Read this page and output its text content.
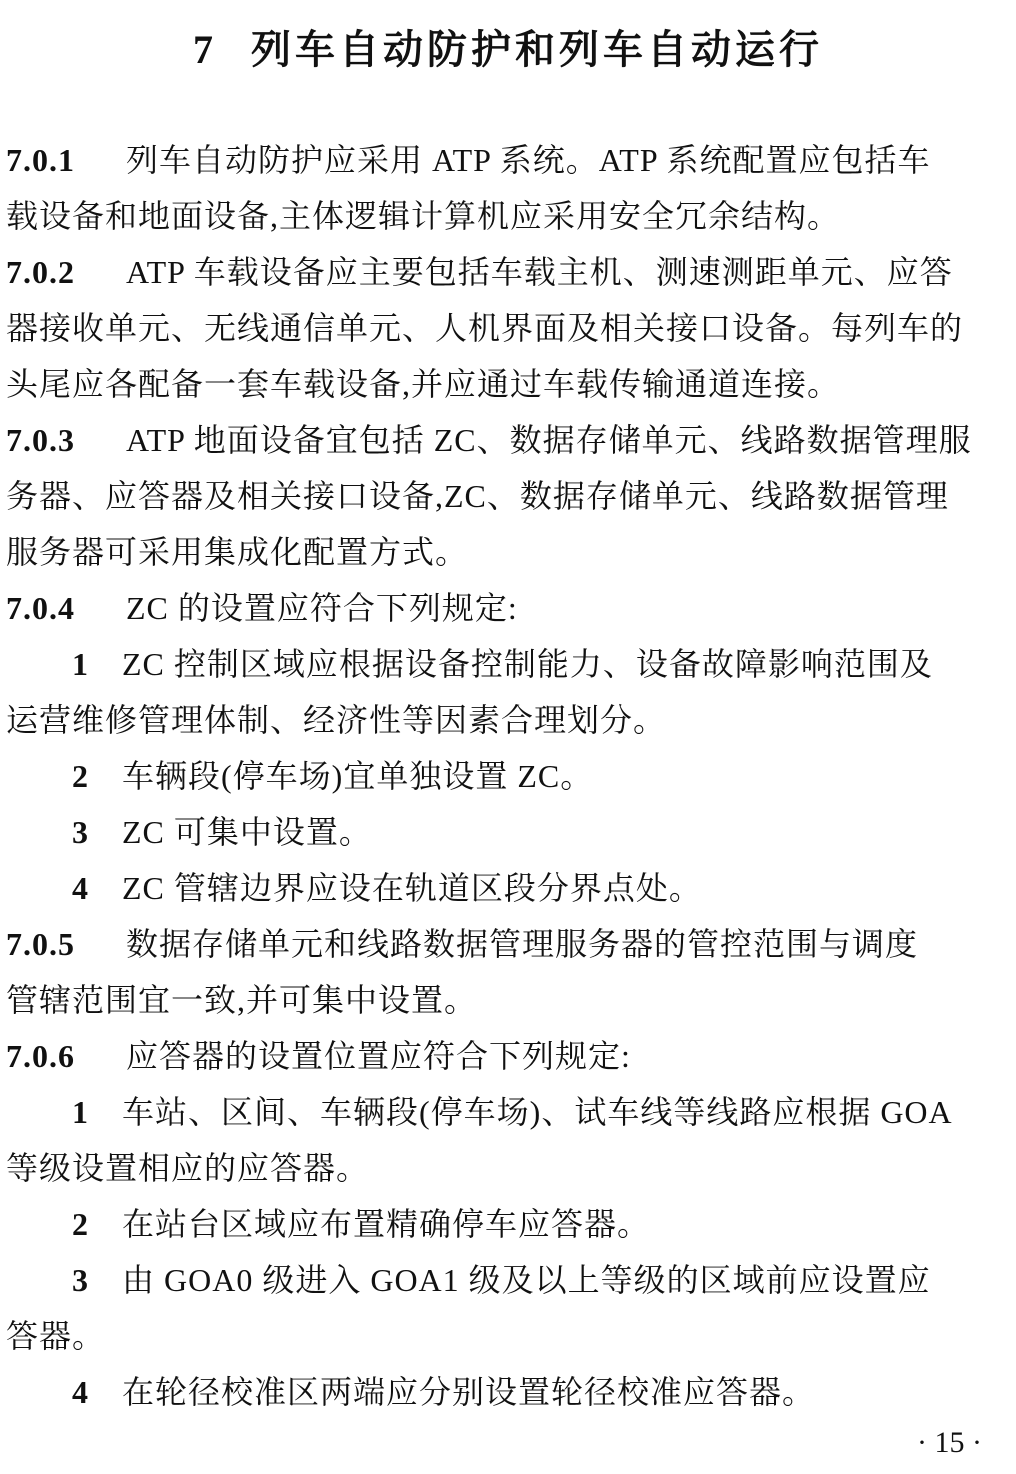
7 列车自动防护和列车自动运行
7.0.1 列车自动防护应采用 ATP 系统。ATP 系统配置应包括车
载设备和地面设备,主体逻辑计算机应采用安全冗余结构。
7.0.2 ATP 车载设备应主要包括车载主机、测速测距单元、应答
器接收单元、无线通信单元、人机界面及相关接口设备。每列车的
头尾应各配备一套车载设备,并应通过车载传输通道连接。
7.0.3 ATP 地面设备宜包括 ZC、数据存储单元、线路数据管理服
务器、应答器及相关接口设备,ZC、数据存储单元、线路数据管理
服务器可采用集成化配置方式。
7.0.4 ZC 的设置应符合下列规定:
1 ZC 控制区域应根据设备控制能力、设备故障影响范围及
运营维修管理体制、经济性等因素合理划分。
2 车辆段(停车场)宜单独设置 ZC。
3 ZC 可集中设置。
4 ZC 管辖边界应设在轨道区段分界点处。
7.0.5 数据存储单元和线路数据管理服务器的管控范围与调度
管辖范围宜一致,并可集中设置。
7.0.6 应答器的设置位置应符合下列规定:
1 车站、区间、车辆段(停车场)、试车线等线路应根据 GOA
等级设置相应的应答器。
2 在站台区域应布置精确停车应答器。
3 由 GOA0 级进入 GOA1 级及以上等级的区域前应设置应
答器。
4 在轮径校准区两端应分别设置轮径校准应答器。
· 15 ·
